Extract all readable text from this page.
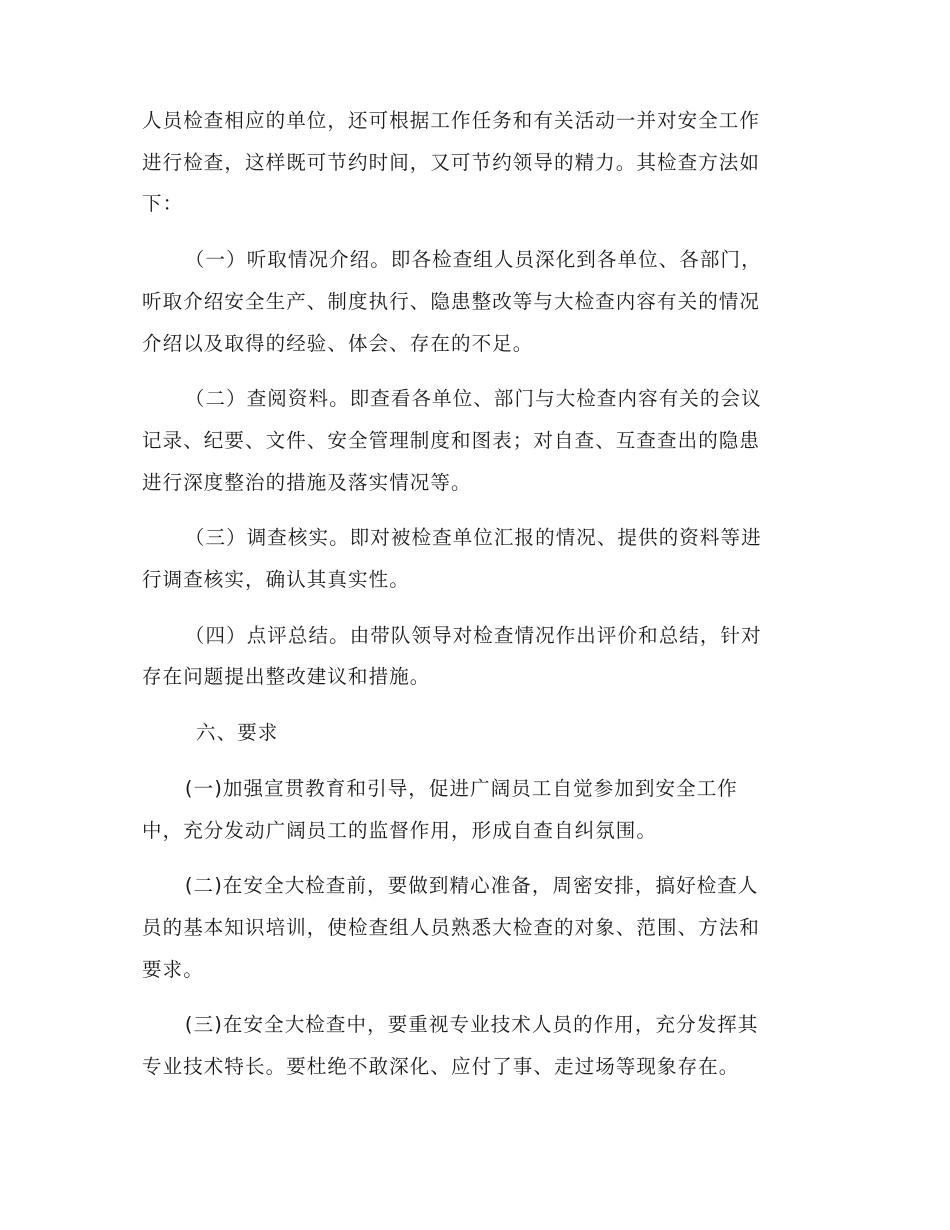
人员检查相应的单位，还可根据工作任务和有关活动一并对安全工作
进行检查，这样既可节约时间，又可节约领导的精力。其检查方法如
下：

（一）听取情况介绍。即各检查组人员深化到各单位、各部门，
听取介绍安全生产、制度执行、隐患整改等与大检查内容有关的情况
介绍以及取得的经验、体会、存在的不足。

（二）查阅资料。即查看各单位、部门与大检查内容有关的会议
记录、纪要、文件、安全管理制度和图表；对自查、互查查出的隐患
进行深度整治的措施及落实情况等。

（三）调查核实。即对被检查单位汇报的情况、提供的资料等进
行调查核实，确认其真实性。

（四）点评总结。由带队领导对检查情况作出评价和总结，针对
存在问题提出整改建议和措施。

六、要求

(一)加强宣贯教育和引导，促进广阔员工自觉参加到安全工作
中，充分发动广阔员工的监督作用，形成自查自纠氛围。

(二)在安全大检查前，要做到精心准备，周密安排，搞好检查人
员的基本知识培训，使检查组人员熟悉大检查的对象、范围、方法和
要求。

(三)在安全大检查中，要重视专业技术人员的作用，充分发挥其
专业技术特长。要杜绝不敢深化、应付了事、走过场等现象存在。
